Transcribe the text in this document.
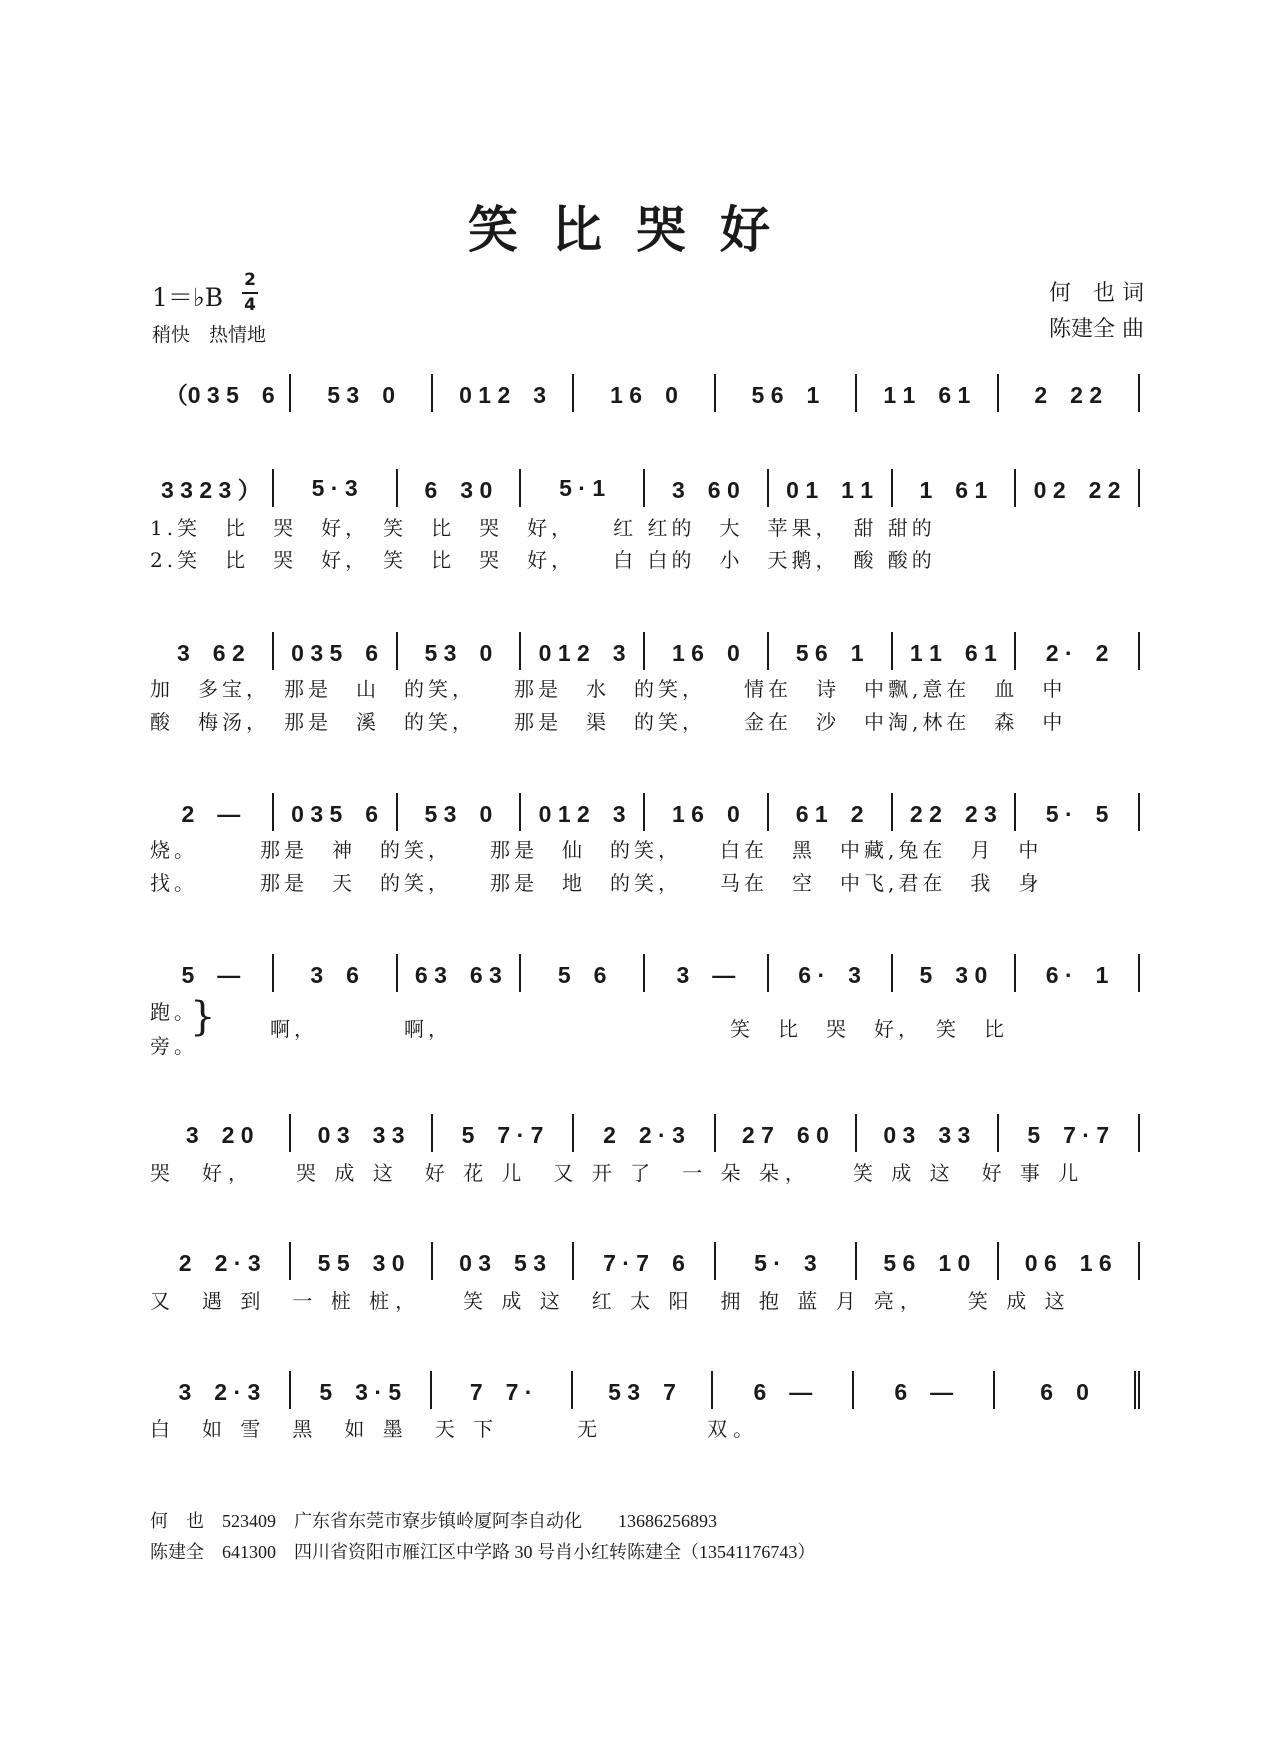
笑比哭好
1＝♭B
2
4
稍快　热情地
何　也 词
陈建全 曲
（0 3 5　6	5 3　0	0 1 2　3	1 6　0	5 6　1	1 1　6 1	2　2 2
3 3 2 3 ）	5 · 3	6　3 0	5 · 1	3　6 0	0 1　1 1	1　6 1	0 2　2 2
1.笑　比　哭　好，　笑　比　哭　好，　　红 红的　大　苹果，　甜 甜的
2.笑　比　哭　好，　笑　比　哭　好，　　白 白的　小　天鹅，　酸 酸的
3　6 2	0 3 5　6	5 3　0	0 1 2　3	1 6　0	5 6　1	1 1　6 1	2 ·　2
加　多宝，　那是　山　的笑，　　那是　水　的笑，　　情在　诗　中飘,意在　血　中
酸　梅汤，　那是　溪　的笑，　　那是　渠　的笑，　　金在　沙　中淘,林在　森　中
2　—	0 3 5　6	5 3　0	0 1 2　3	1 6　0	6 1　2	2 2　2 3	5 ·　5
烧。　　　那是　神　的笑，　　那是　仙　的笑，　　白在　黑　中藏,兔在　月　中
找。　　　那是　天　的笑，　　那是　地　的笑，　　马在　空　中飞,君在　我　身
5　—	3　6	6 3　6 3	5　6	3　—	6 ·　3	5　3 0	6 ·　1
跑。
旁。
}	啊，　　　　啊，　　　　　　　　　　　　笑　比　哭　好，　笑　比
3　2 0	0 3　3 3	5　7 · 7	2　2 · 3	2 7　6 0	0 3　3 3	5　7 · 7
哭　好，　　哭 成 这　好 花 儿　又 开 了　一 朵 朵，　　笑 成 这　好 事 儿
2　2 · 3	5 5　3 0	0 3　5 3	7 · 7　6	5 ·　3	5 6　1 0	0 6　1 6
又　遇 到　一 桩 桩，　　笑 成 这　红 太 阳　拥 抱 蓝 月 亮，　　笑 成 这
3　2 · 3	5　3 · 5	7　7 ·	5 3　7	6　—	6　—	6　0
白　如 雪　黑　如 墨　天 下　　　无　　　　双。
何　也　523409　广东省东莞市寮步镇岭厦阿李自动化　　13686256893
陈建全　641300　四川省资阳市雁江区中学路 30 号肖小红转陈建全（13541176743）
